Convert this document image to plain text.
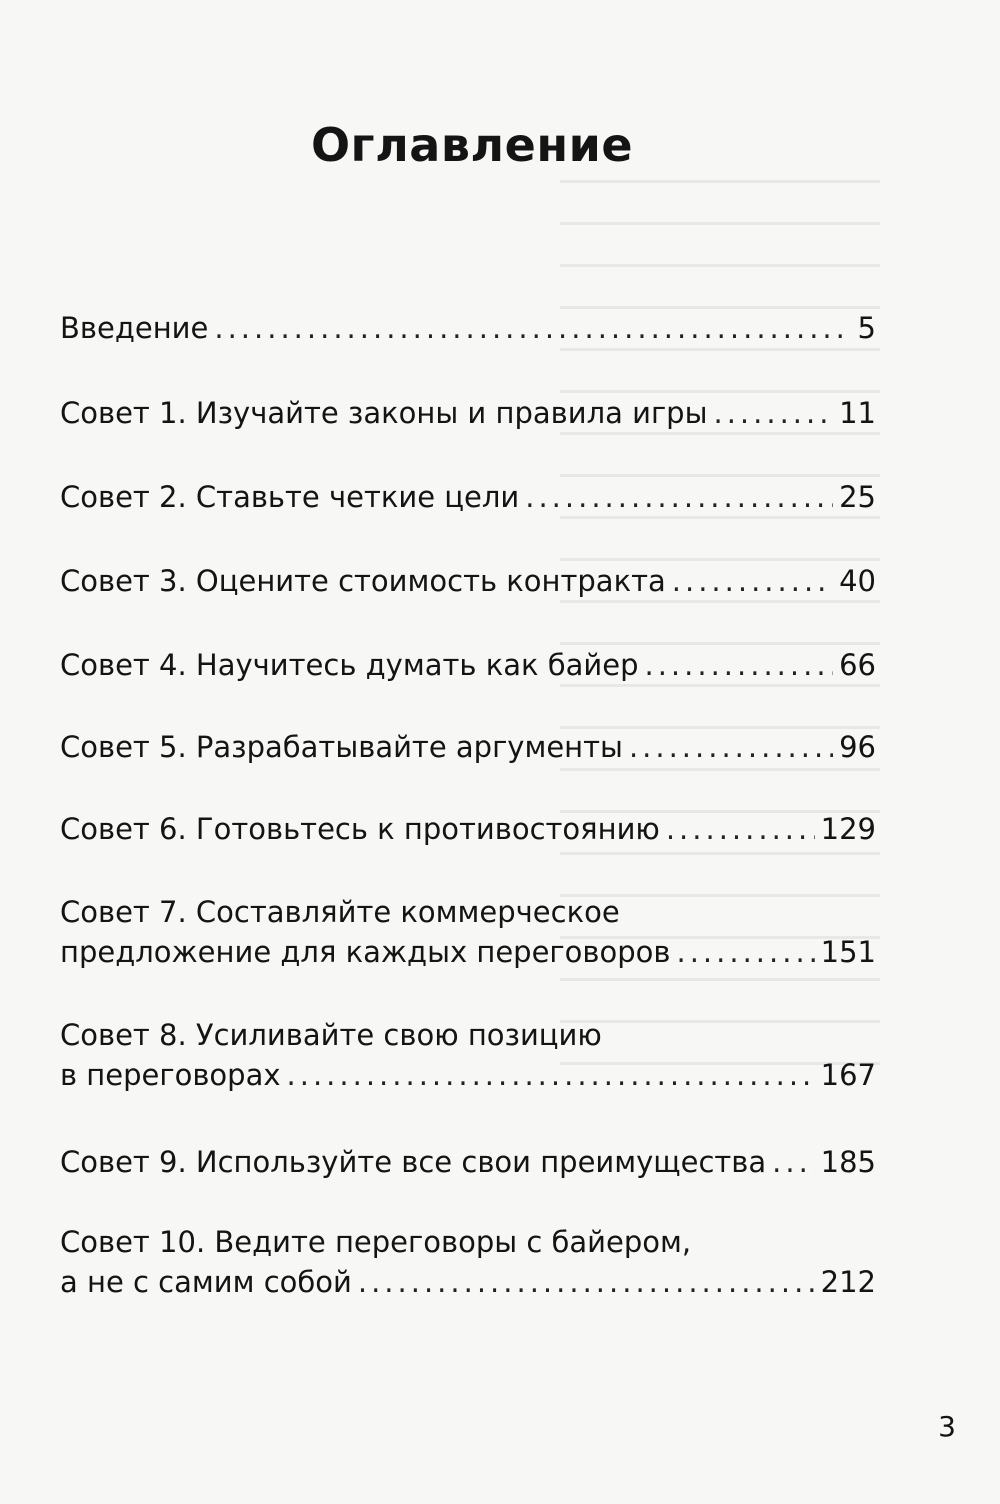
Оглавление
Введение .....	5
Совет 1. Изучайте законы и правила игры .....	11
Совет 2. Ставьте четкие цели .....	25
Совет 3. Оцените стоимость контракта .....	40
Совет 4. Научитесь думать как байер .....	66
Совет 5. Разрабатывайте аргументы .....	96
Совет 6. Готовьтесь к противостоянию .....	129
Совет 7. Составляйте коммерческое
предложение для каждых переговоров .....	151
Совет 8. Усиливайте свою позицию
в переговорах .....	167
Совет 9. Используйте все свои преимущества ..... 185
Совет 10. Ведите переговоры с байером,
а не с самим собой .....	212
3
